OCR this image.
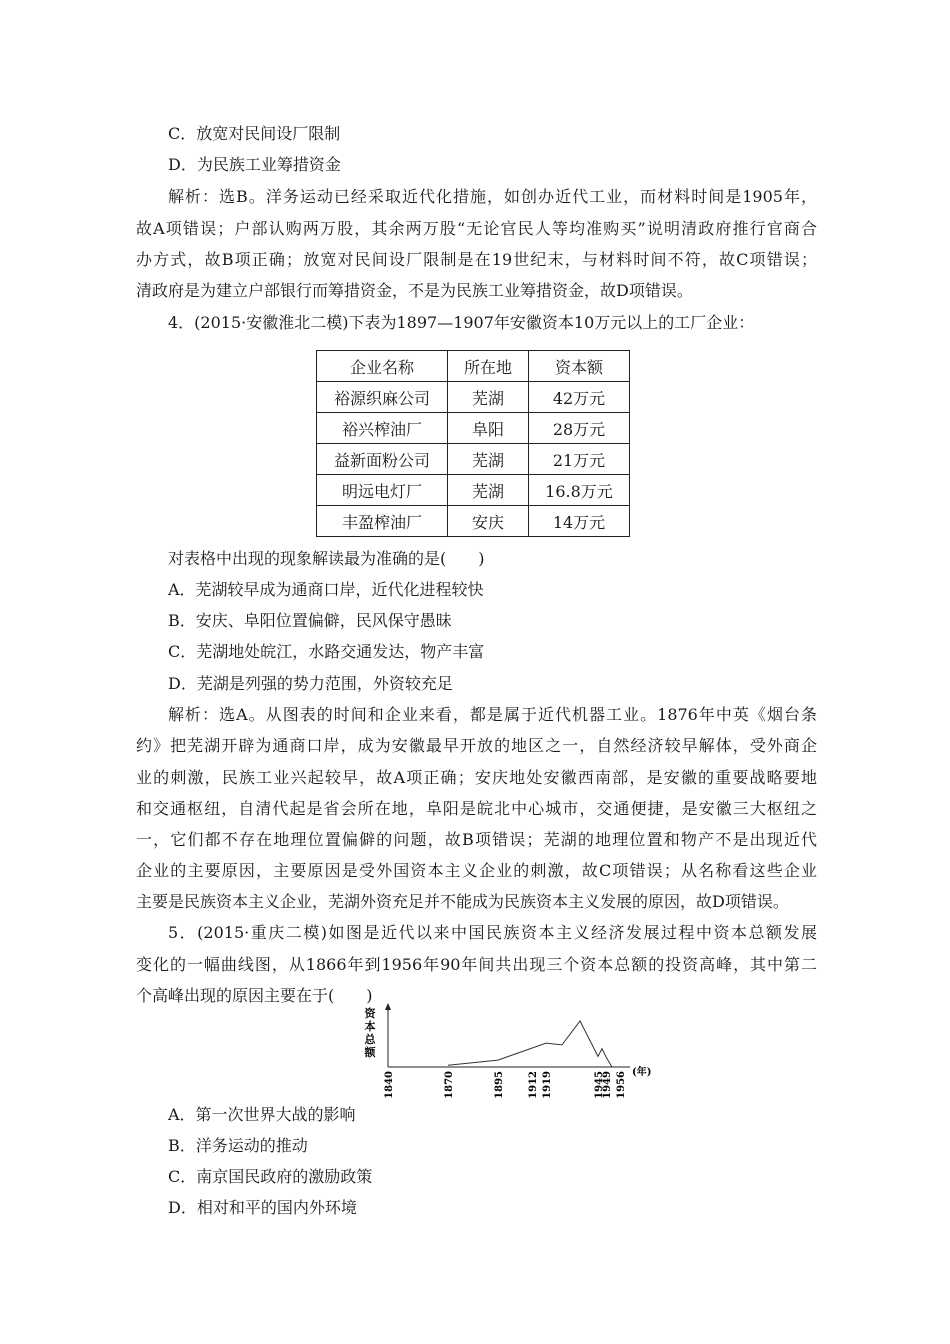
C．放宽对民间设厂限制
D．为民族工业筹措资金
解析：选B。洋务运动已经采取近代化措施，如创办近代工业，而材料时间是1905年，
故A项错误；户部认购两万股，其余两万股“无论官民人等均准购买”说明清政府推行官商合
办方式，故B项正确；放宽对民间设厂限制是在19世纪末，与材料时间不符，故C项错误；
清政府是为建立户部银行而筹措资金，不是为民族工业筹措资金，故D项错误。
4．(2015·安徽淮北二模)下表为1897—1907年安徽资本10万元以上的工厂企业：
企业名称	所在地	资本额
裕源织麻公司	芜湖	42万元
裕兴榨油厂	阜阳	28万元
益新面粉公司	芜湖	21万元
明远电灯厂	芜湖	16.8万元
丰盈榨油厂	安庆	14万元
对表格中出现的现象解读最为准确的是(　　)
A．芜湖较早成为通商口岸，近代化进程较快
B．安庆、阜阳位置偏僻，民风保守愚昧
C．芜湖地处皖江，水路交通发达，物产丰富
D．芜湖是列强的势力范围，外资较充足
解析：选A。从图表的时间和企业来看，都是属于近代机器工业。1876年中英《烟台条
约》把芜湖开辟为通商口岸，成为安徽最早开放的地区之一，自然经济较早解体，受外商企
业的刺激，民族工业兴起较早，故A项正确；安庆地处安徽西南部，是安徽的重要战略要地
和交通枢纽，自清代起是省会所在地，阜阳是皖北中心城市，交通便捷，是安徽三大枢纽之
一，它们都不存在地理位置偏僻的问题，故B项错误；芜湖的地理位置和物产不是出现近代
企业的主要原因，主要原因是受外国资本主义企业的刺激，故C项错误；从名称看这些企业
主要是民族资本主义企业，芜湖外资充足并不能成为民族资本主义发展的原因，故D项错误。
5．(2015·重庆二模)如图是近代以来中国民族资本主义经济发展过程中资本总额发展
变化的一幅曲线图，从1866年到1956年90年间共出现三个资本总额的投资高峰，其中第二
个高峰出现的原因主要在于(　　)
资
本
总
额
1840	1870	1895 1912 1919	1945
1949 1956 (年)
A．第一次世界大战的影响
B．洋务运动的推动
C．南京国民政府的激励政策
D．相对和平的国内外环境
